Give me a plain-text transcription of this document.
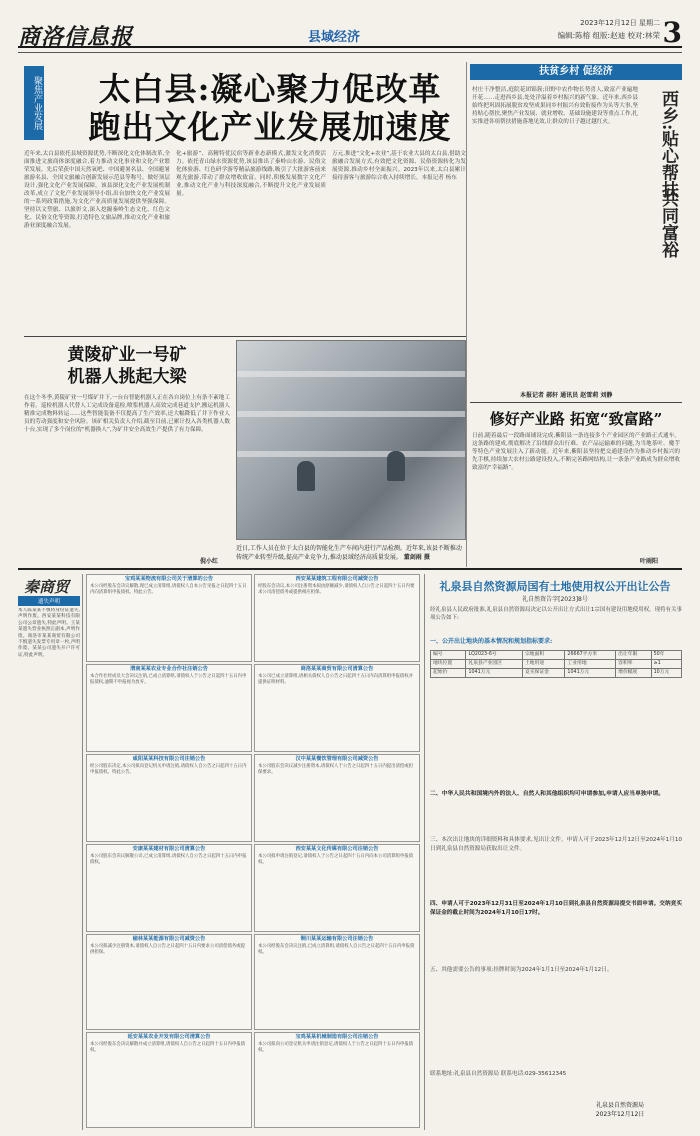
商洛信息报	县域经济
2023年12月12日 星期二
编辑:陈榕 组版:赵迪 校对:林荣 3
聚焦产业发展	太白县:凝心聚力促改革
跑出文化产业发展加速度
近年来,太白县依托县域资源优势,不断深化文化体制改革,全面推进文旅商体深度融合,着力推动文化事业和文化产业繁荣发展。先后荣获中国天然氧吧、中国避暑名县、全国避暑旅游名县、全国文旅融合创新发展示范县等称号。做好顶层设计,强化文化产业发展保障。该县深化文化产业发展机制改革,成立了文化产业发展领导小组,出台加快文化产业发展的一系列政策措施,为文化产业高质量发展提供坚强保障。坚持以文塑旅、以旅彰文,深入挖掘秦岭生态文化、红色文化、民俗文化等资源,打造特色文旅品牌,推动文化产业和旅游业深度融合发展。
化+旅游”、高精特优民宿等新业态新模式,激发文化消费活力。依托青山绿水资源优势,该县推出了秦岭山水游、民俗文化体验游、红色研学游等精品旅游线路,吸引了大批游客前来观光旅游,带动了群众增收致富。同时,积极发展数字文化产业,推动文化产业与科技深度融合,不断提升文化产业发展质量。
万元,推进“文化+农业”,基于农业大县的太白县,借助文旅融合发展方式,有效把文化资源、民俗资源转化为发展资源,推动乡村全面振兴。2023年以来,太白县累计接待游客与旅游综合收入持续增长。本报记者 杨东
扶贫乡村 促经济
村庄干净整洁,庭院花团锦簇;田野中农作物长势喜人,致富产业遍地开花……走进西乡县,处处洋溢着乡村振兴的新气象。近年来,西乡县始终把巩固拓展脱贫攻坚成果同乡村振兴有效衔接作为头等大事,坚持贴心帮扶,聚焦产业发展、就业增收、基础设施建设等重点工作,扎实推进各项帮扶措施落地见效,让群众的日子越过越红火。	西乡:贴心帮扶
共同富裕
本报记者 郝轩 通讯员 赵雪莉 刘静
修好产业路 拓宽“致富路”
日前,随着最后一段路面铺设完成,紫阳县一条连接多个产业园区的产业路正式通车。这条路的建成,彻底解决了沿线群众出行难、农产品运输难的问题,为当地茶叶、魔芋等特色产业发展注入了新动能。近年来,紫阳县坚持把交通建设作为推动乡村振兴的先手棋,持续加大农村公路建设投入,不断完善路网结构,让一条条产业路成为群众增收致富的“幸福路”。
叶雨阳
黄陵矿业一号矿
机器人挑起大梁
在这个冬季,黄陵矿业一号煤矿井下,一台台智能机器人正在各自岗位上有条不紊地工作着。巡检机器人代替人工完成设备巡检,喷浆机器人高效完成巷道支护,搬运机器人精准完成物料转运……这些智能装备不仅提高了生产效率,还大幅降低了井下作业人员的劳动强度和安全风险。该矿相关负责人介绍,截至目前,已累计投入各类机器人数十台,实现了多个岗位的“机器换人”,为矿井安全高效生产提供了有力保障。
倪小红
近日,工作人员在位于太白县的智能化生产车间内进行产品检测。近年来,该县不断推动传统产业转型升级,提高产业竞争力,推动县域经济高质量发展。 董剑雨 摄
秦商贸
遗失声明
本人陈某某不慎将身份证遗失,声明作废。西安某某科技有限公司公章遗失,特此声明。王某某遗失营业执照正副本,声明作废。商洛市某某商贸有限公司不慎遗失发票专用章一枚,声明作废。某某公司遗失开户许可证,特此声明。
宝鸡某某物流有限公司关于清算的公告
本公司经股东会决议解散,现已成立清算组,请债权人自本公告见报之日起四十五日内向清算组申报债权。特此公告。
西安某某建筑工程有限公司减资公告
经股东会决议,本公司注册资本拟由原额减少,请债权人自公告之日起四十五日内要求公司清偿债务或提供相应担保。
渭南某某农业专业合作社注销公告
本合作社经成员大会决议注销,已成立清算组,请债权人于公告之日起四十五日内申报债权,逾期不申报视为放弃。
商洛某某商贸有限公司清算公告
本公司已成立清算组,请相关债权人自公告之日起四十五日内向清算组申报债权并提供证明材料。
咸阳某某科技有限公司注销公告
经公司股东决定,本公司拟向登记机关申请注销,请债权人自公告之日起四十五日内申报债权。特此公告。
汉中某某餐饮管理有限公司减资公告
本公司股东会决议减少注册资本,请债权人于公告之日起四十五日内提出清偿或担保要求。
安康某某建材有限公司清算公告
本公司股东会决议解散公司,已成立清算组,请债权人自公告之日起四十五日内申报债权。
西安某某文化传媒有限公司注销公告
本公司拟申请注销登记,请债权人于公告之日起四十五日内向本公司清算组申报债权。
榆林某某能源有限公司减资公告
本公司拟减少注册资本,请债权人自公告之日起四十五日内要求公司清偿债务或提供担保。
铜川某某运输有限公司注销公告
本公司经股东会决议注销,已成立清算组,请债权人自公告之日起四十五日内申报债权。
延安某某农业开发有限公司清算公告
本公司经股东会决议解散并成立清算组,请债权人自公告之日起四十五日内申报债权。
宝鸡某某机械制造有限公司注销公告
本公司拟向公司登记机关申请注销登记,请债权人于公告之日起四十五日内申报债权。
礼泉县自然资源局国有土地使用权公开出让公告
礼自然资告字[2023]8号
经礼泉县人民政府批准,礼泉县自然资源局决定以公开出让方式出让1宗国有建设用地使用权。现将有关事项公告如下:
一、公开出让地块的基本情况和规划指标要求:
编号	LQ2023-6号	宗地面积	26667平方米	出让年限	50年
地块位置	礼泉县产业园区	土地用途	工业用地	容积率	≥1
起始价	1041万元	竞买保证金	1041万元	增价幅度	10万元
二、中华人民共和国境内外的法人、自然人和其他组织均可申请参加,申请人应当单独申请。
三、本次出让地块的详细资料和具体要求,见出让文件。申请人可于2023年12月12日至2024年1月10日到礼泉县自然资源局获取出让文件。
四、申请人可于2023年12月31日至2024年1月10日到礼泉县自然资源局提交书面申请。交纳竞买保证金的截止时间为2024年1月10日17时。
五、其他需要公告的事项:挂牌时间为2024年1月1日至2024年1月12日。
联系地址:礼泉县自然资源局 联系电话:029-35612345
礼泉县自然资源局
2023年12月12日
